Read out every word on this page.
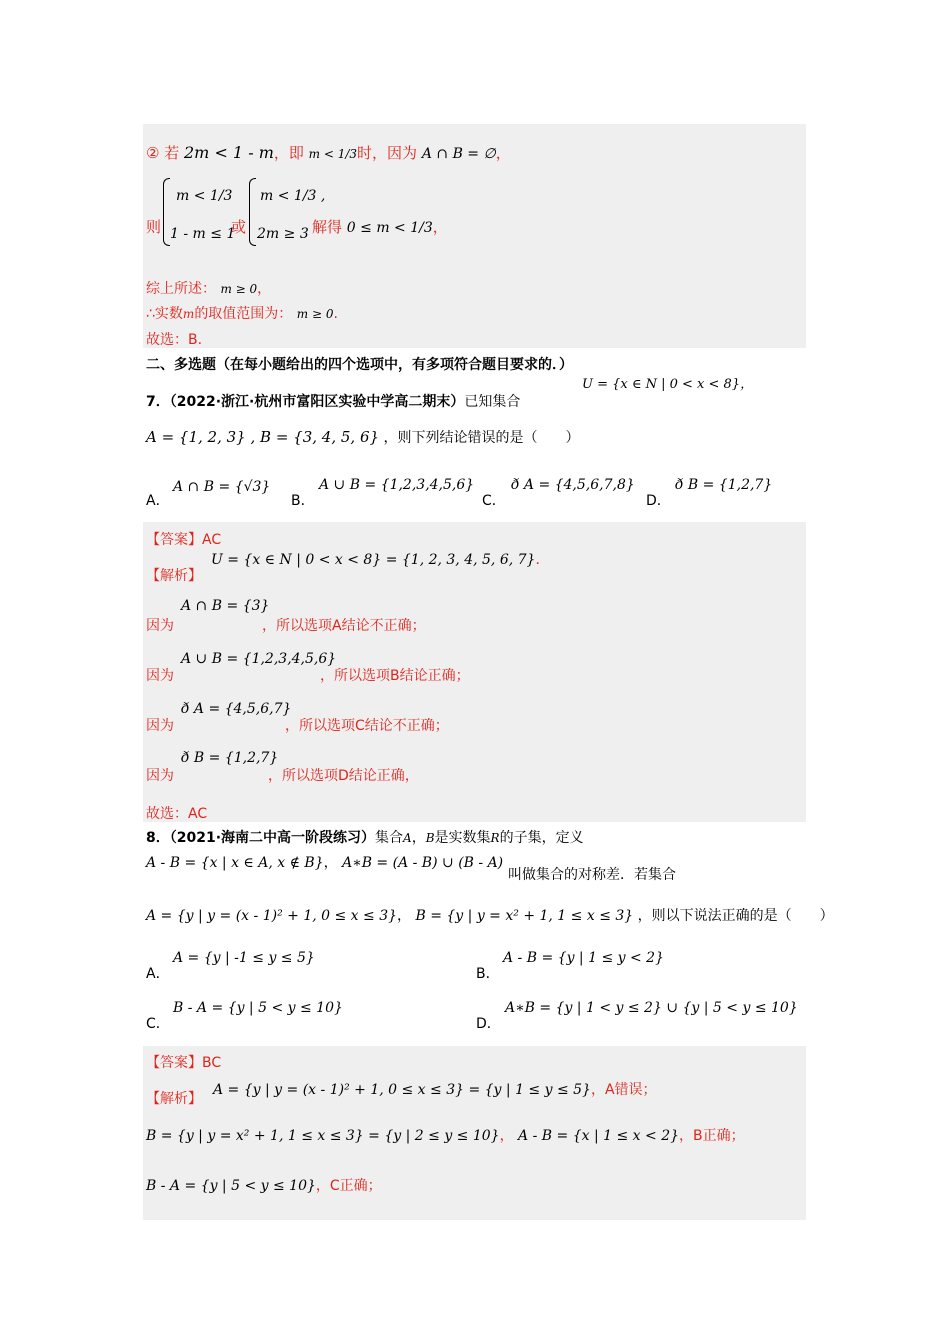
② 若 2m < 1 - m，即 m < 1/3时，因为 A ∩ B = ∅，
则
m < 1/3
1 - m ≤ 1
或
m < 1/3 ,
2m ≥ 3 解得 0 ≤ m < 1/3，
综上所述： m ≥ 0，
∴实数m的取值范围为： m ≥ 0.
故选：B.
二、多选题（在每小题给出的四个选项中，有多项符合题目要求的．）
U = {x ∈ N | 0 < x < 8}，
7．（2022·浙江·杭州市富阳区实验中学高二期末）已知集合
A = {1, 2, 3} , B = {3, 4, 5, 6} ，则下列结论错误的是（　　）
A．
A ∩ B = {√3}
B．
A ∪ B = {1,2,3,4,5,6}
C．
ð A = {4,5,6,7,8}
D．
ð B = {1,2,7}
【答案】AC
【解析】
U = {x ∈ N | 0 < x < 8} = {1, 2, 3, 4, 5, 6, 7}.
因为
A ∩ B = {3}
，所以选项A结论不正确；
因为
A ∪ B = {1,2,3,4,5,6}
，所以选项B结论正确；
因为
ð A = {4,5,6,7}
，所以选项C结论不正确；
因为
ð B = {1,2,7}
，所以选项D结论正确，
故选：AC
8．（2021·海南二中高一阶段练习）集合A，B是实数集R的子集，定义
A - B = {x | x ∈ A, x ∉ B}， A∗B = (A - B) ∪ (B - A)
叫做集合的对称差．若集合
A = {y | y = (x - 1)² + 1, 0 ≤ x ≤ 3}， B = {y | y = x² + 1, 1 ≤ x ≤ 3} ，则以下说法正确的是（　　）
A．
A = {y | -1 ≤ y ≤ 5}
B．
A - B = {y | 1 ≤ y < 2}
C．
B - A = {y | 5 < y ≤ 10}
D．
A∗B = {y | 1 < y ≤ 2} ∪ {y | 5 < y ≤ 10}
【答案】BC
【解析】
A = {y | y = (x - 1)² + 1, 0 ≤ x ≤ 3} = {y | 1 ≤ y ≤ 5}，A错误；
B = {y | y = x² + 1, 1 ≤ x ≤ 3} = {y | 2 ≤ y ≤ 10}， A - B = {x | 1 ≤ x < 2}，B正确；
B - A = {y | 5 < y ≤ 10}，C正确；
